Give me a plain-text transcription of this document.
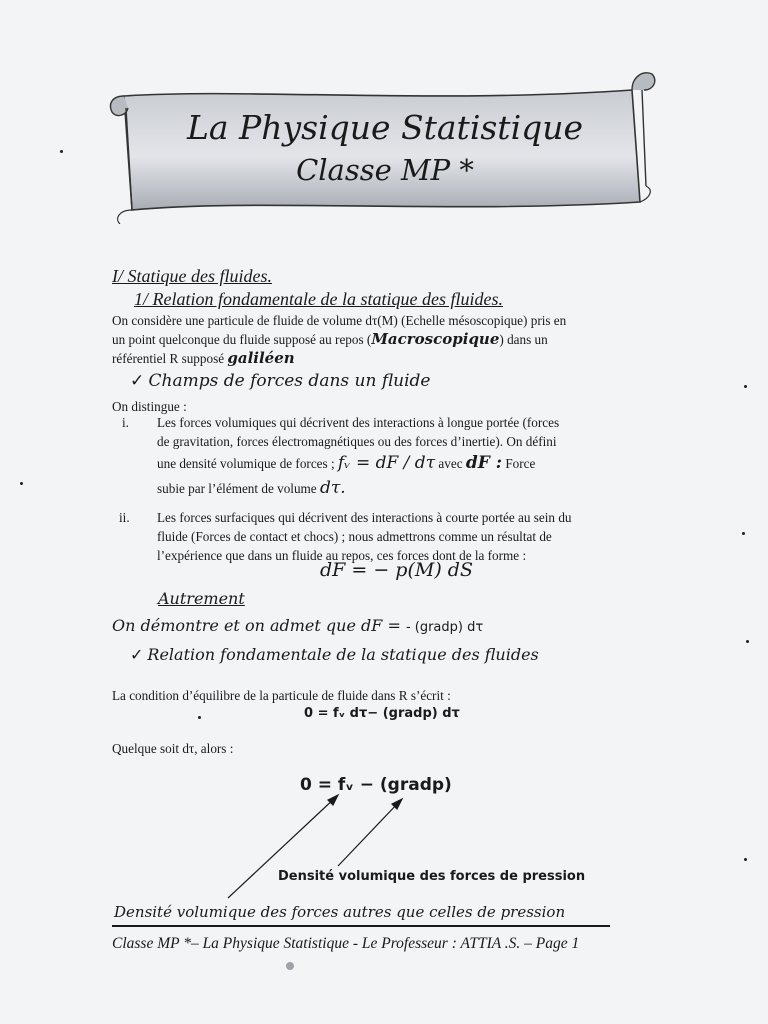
La Physique Statistique
Classe MP *
I/ Statique des fluides.
1/ Relation fondamentale de la statique des fluides.
On considère une particule de fluide de volume dτ(M) (Echelle mésoscopique) pris en
un point quelconque du fluide supposé au repos (Macroscopique) dans un
référentiel R supposé galiléen
✓ Champs de forces dans un fluide
On distingue :
i. Les forces volumiques qui décrivent des interactions à longue portée (forces
de gravitation, forces électromagnétiques ou des forces d’inertie). On défini
une densité volumique de forces ; fᵥ = dF / dτ avec dF : Force
subie par l’élément de volume dτ.
ii. Les forces surfaciques qui décrivent des interactions à courte portée au sein du
fluide (Forces de contact et chocs) ; nous admettrons comme un résultat de
l’expérience que dans un fluide au repos, ces forces dont de la forme :
dF = − p(M) dS
Autrement
On démontre et on admet que dF = - (gradp) dτ
✓ Relation fondamentale de la statique des fluides
La condition d’équilibre de la particule de fluide dans R s’écrit :
0 = fᵥ dτ− (gradp) dτ
Quelque soit dτ, alors :
0 = fᵥ − (gradp)
Densité volumique des forces de pression
Densité volumique des forces autres que celles de pression
Classe MP *– La Physique Statistique - Le Professeur : ATTIA .S. – Page 1
